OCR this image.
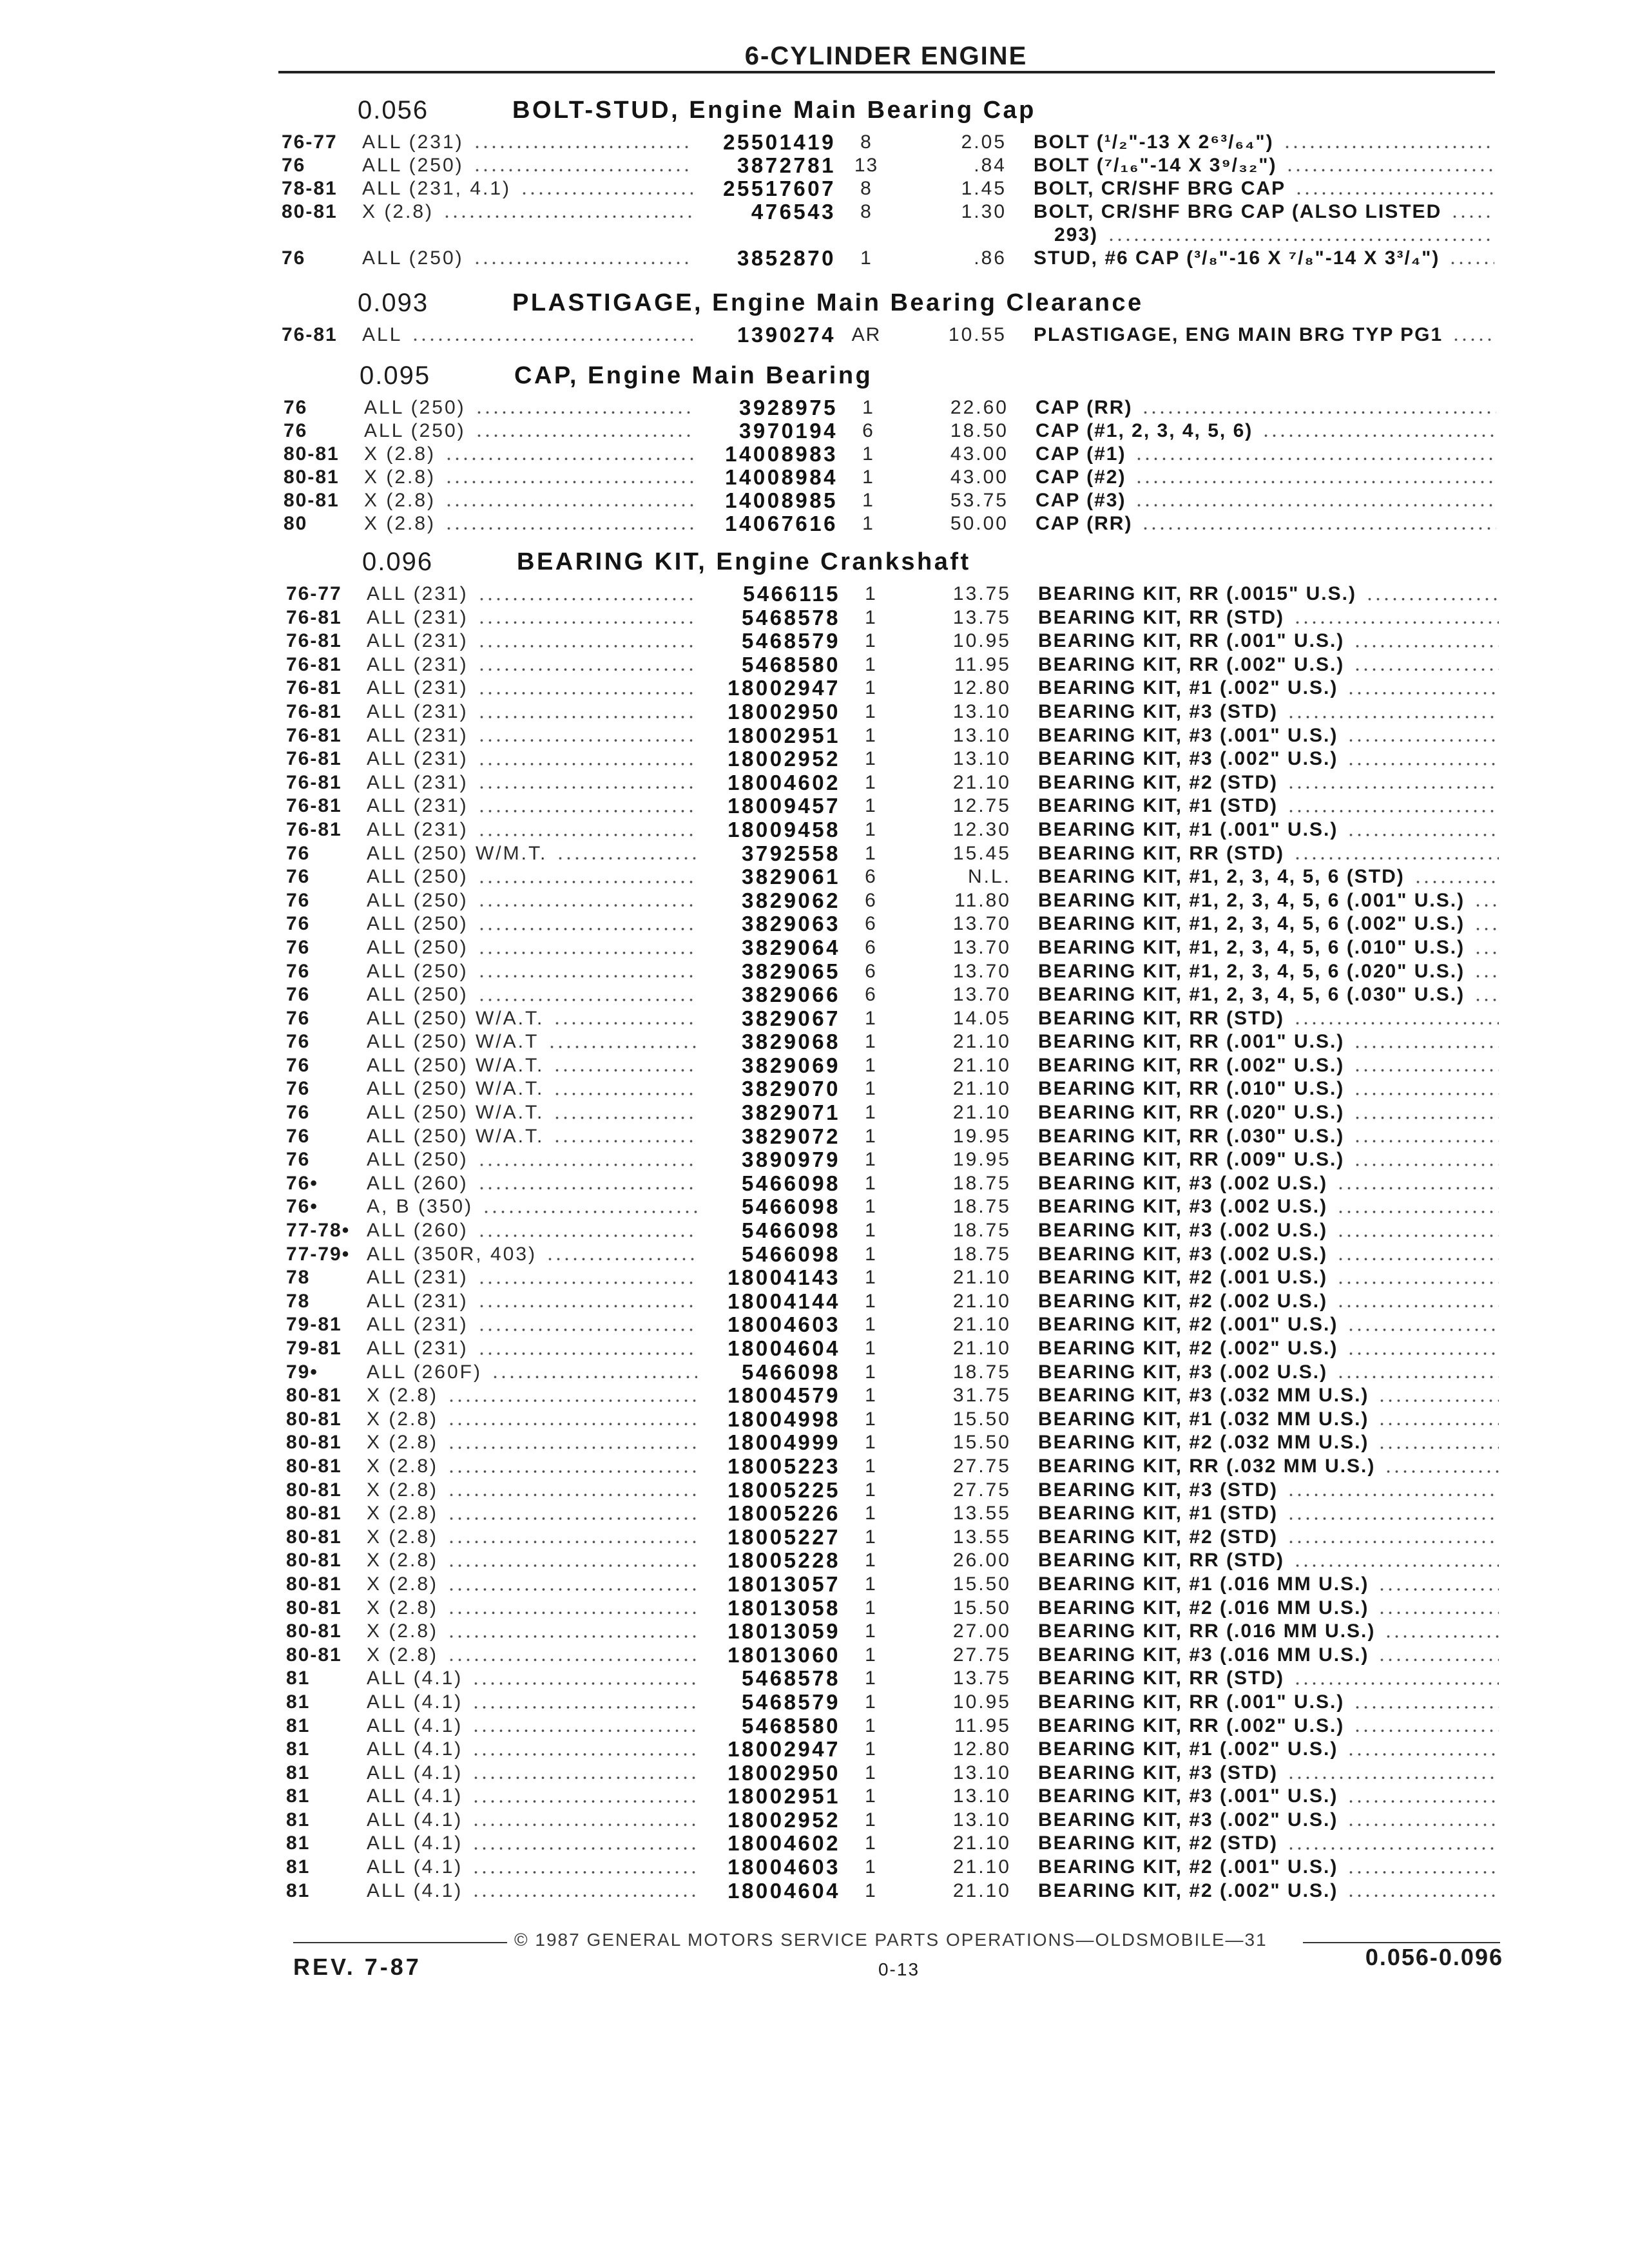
6-CYLINDER ENGINE
0.056	BOLT-STUD, Engine Main Bearing Cap
76-77	ALL (231)	25501419	8	2.05 BOLT (¹/₂"-13 X 2⁶³/₆₄")
76	ALL (250)	3872781 13	.84 BOLT (⁷/₁₆"-14 X 3⁹/₃₂")
78-81	ALL (231, 4.1)	25517607	8	1.45 BOLT, CR/SHF BRG CAP
80-81	X (2.8)	476543	8	1.30 BOLT, CR/SHF BRG CAP (ALSO LISTED
293)
76	ALL (250)	3852870	1	.86 STUD, #6 CAP (³/₈"-16 X ⁷/₈"-14 X 3³/₄")
0.093	PLASTIGAGE, Engine Main Bearing Clearance
76-81	ALL	1390274 AR	10.55 PLASTIGAGE, ENG MAIN BRG TYP PG1
0.095	CAP, Engine Main Bearing
76	ALL (250)	3928975	1	22.60 CAP (RR)
76	ALL (250)	3970194	6	18.50 CAP (#1, 2, 3, 4, 5, 6)
80-81	X (2.8)	14008983	1	43.00 CAP (#1)
80-81	X (2.8)	14008984	1	43.00 CAP (#2)
80-81	X (2.8)	14008985	1	53.75 CAP (#3)
80	X (2.8)	14067616	1	50.00 CAP (RR)
0.096	BEARING KIT, Engine Crankshaft
76-77	ALL (231)	5466115	1	13.75 BEARING KIT, RR (.0015" U.S.)
76-81	ALL (231)	5468578	1	13.75 BEARING KIT, RR (STD)
76-81	ALL (231)	5468579	1	10.95 BEARING KIT, RR (.001" U.S.)
76-81	ALL (231)	5468580	1	11.95 BEARING KIT, RR (.002" U.S.)
76-81	ALL (231)	18002947	1	12.80 BEARING KIT, #1 (.002" U.S.)
76-81	ALL (231)	18002950	1	13.10 BEARING KIT, #3 (STD)
76-81	ALL (231)	18002951	1	13.10 BEARING KIT, #3 (.001" U.S.)
76-81	ALL (231)	18002952	1	13.10 BEARING KIT, #3 (.002" U.S.)
76-81	ALL (231)	18004602	1	21.10 BEARING KIT, #2 (STD)
76-81	ALL (231)	18009457	1	12.75 BEARING KIT, #1 (STD)
76-81	ALL (231)	18009458	1	12.30 BEARING KIT, #1 (.001" U.S.)
76	ALL (250) W/M.T.	3792558	1	15.45 BEARING KIT, RR (STD)
76	ALL (250)	3829061	6	N.L. BEARING KIT, #1, 2, 3, 4, 5, 6 (STD)
76	ALL (250)	3829062	6	11.80 BEARING KIT, #1, 2, 3, 4, 5, 6 (.001" U.S.)
76	ALL (250)	3829063	6	13.70 BEARING KIT, #1, 2, 3, 4, 5, 6 (.002" U.S.)
76	ALL (250)	3829064	6	13.70 BEARING KIT, #1, 2, 3, 4, 5, 6 (.010" U.S.)
76	ALL (250)	3829065	6	13.70 BEARING KIT, #1, 2, 3, 4, 5, 6 (.020" U.S.)
76	ALL (250)	3829066	6	13.70 BEARING KIT, #1, 2, 3, 4, 5, 6 (.030" U.S.)
76	ALL (250) W/A.T.	3829067	1	14.05 BEARING KIT, RR (STD)
76	ALL (250) W/A.T	3829068	1	21.10 BEARING KIT, RR (.001" U.S.)
76	ALL (250) W/A.T.	3829069	1	21.10 BEARING KIT, RR (.002" U.S.)
76	ALL (250) W/A.T.	3829070	1	21.10 BEARING KIT, RR (.010" U.S.)
76	ALL (250) W/A.T.	3829071	1	21.10 BEARING KIT, RR (.020" U.S.)
76	ALL (250) W/A.T.	3829072	1	19.95 BEARING KIT, RR (.030" U.S.)
76	ALL (250)	3890979	1	19.95 BEARING KIT, RR (.009" U.S.)
76•	ALL (260)	5466098	1	18.75 BEARING KIT, #3 (.002 U.S.)
76•	A, B (350)	5466098	1	18.75 BEARING KIT, #3 (.002 U.S.)
77-78• ALL (260)	5466098	1	18.75 BEARING KIT, #3 (.002 U.S.)
77-79• ALL (350R, 403)	5466098	1	18.75 BEARING KIT, #3 (.002 U.S.)
78	ALL (231)	18004143	1	21.10 BEARING KIT, #2 (.001 U.S.)
78	ALL (231)	18004144	1	21.10 BEARING KIT, #2 (.002 U.S.)
79-81	ALL (231)	18004603	1	21.10 BEARING KIT, #2 (.001" U.S.)
79-81	ALL (231)	18004604	1	21.10 BEARING KIT, #2 (.002" U.S.)
79•	ALL (260F)	5466098	1	18.75 BEARING KIT, #3 (.002 U.S.)
80-81	X (2.8)	18004579	1	31.75 BEARING KIT, #3 (.032 MM U.S.)
80-81	X (2.8)	18004998	1	15.50 BEARING KIT, #1 (.032 MM U.S.)
80-81	X (2.8)	18004999	1	15.50 BEARING KIT, #2 (.032 MM U.S.)
80-81	X (2.8)	18005223	1	27.75 BEARING KIT, RR (.032 MM U.S.)
80-81	X (2.8)	18005225	1	27.75 BEARING KIT, #3 (STD)
80-81	X (2.8)	18005226	1	13.55 BEARING KIT, #1 (STD)
80-81	X (2.8)	18005227	1	13.55 BEARING KIT, #2 (STD)
80-81	X (2.8)	18005228	1	26.00 BEARING KIT, RR (STD)
80-81	X (2.8)	18013057	1	15.50 BEARING KIT, #1 (.016 MM U.S.)
80-81	X (2.8)	18013058	1	15.50 BEARING KIT, #2 (.016 MM U.S.)
80-81	X (2.8)	18013059	1	27.00 BEARING KIT, RR (.016 MM U.S.)
80-81	X (2.8)	18013060	1	27.75 BEARING KIT, #3 (.016 MM U.S.)
81	ALL (4.1)	5468578	1	13.75 BEARING KIT, RR (STD)
81	ALL (4.1)	5468579	1	10.95 BEARING KIT, RR (.001" U.S.)
81	ALL (4.1)	5468580	1	11.95 BEARING KIT, RR (.002" U.S.)
81	ALL (4.1)	18002947	1	12.80 BEARING KIT, #1 (.002" U.S.)
81	ALL (4.1)	18002950	1	13.10 BEARING KIT, #3 (STD)
81	ALL (4.1)	18002951	1	13.10 BEARING KIT, #3 (.001" U.S.)
81	ALL (4.1)	18002952	1	13.10 BEARING KIT, #3 (.002" U.S.)
81	ALL (4.1)	18004602	1	21.10 BEARING KIT, #2 (STD)
81	ALL (4.1)	18004603	1	21.10 BEARING KIT, #2 (.001" U.S.)
81	ALL (4.1)	18004604	1	21.10 BEARING KIT, #2 (.002" U.S.)
© 1987 GENERAL MOTORS SERVICE PARTS OPERATIONS—OLDSMOBILE—31
REV. 7-87	0-13	0.056-0.096
